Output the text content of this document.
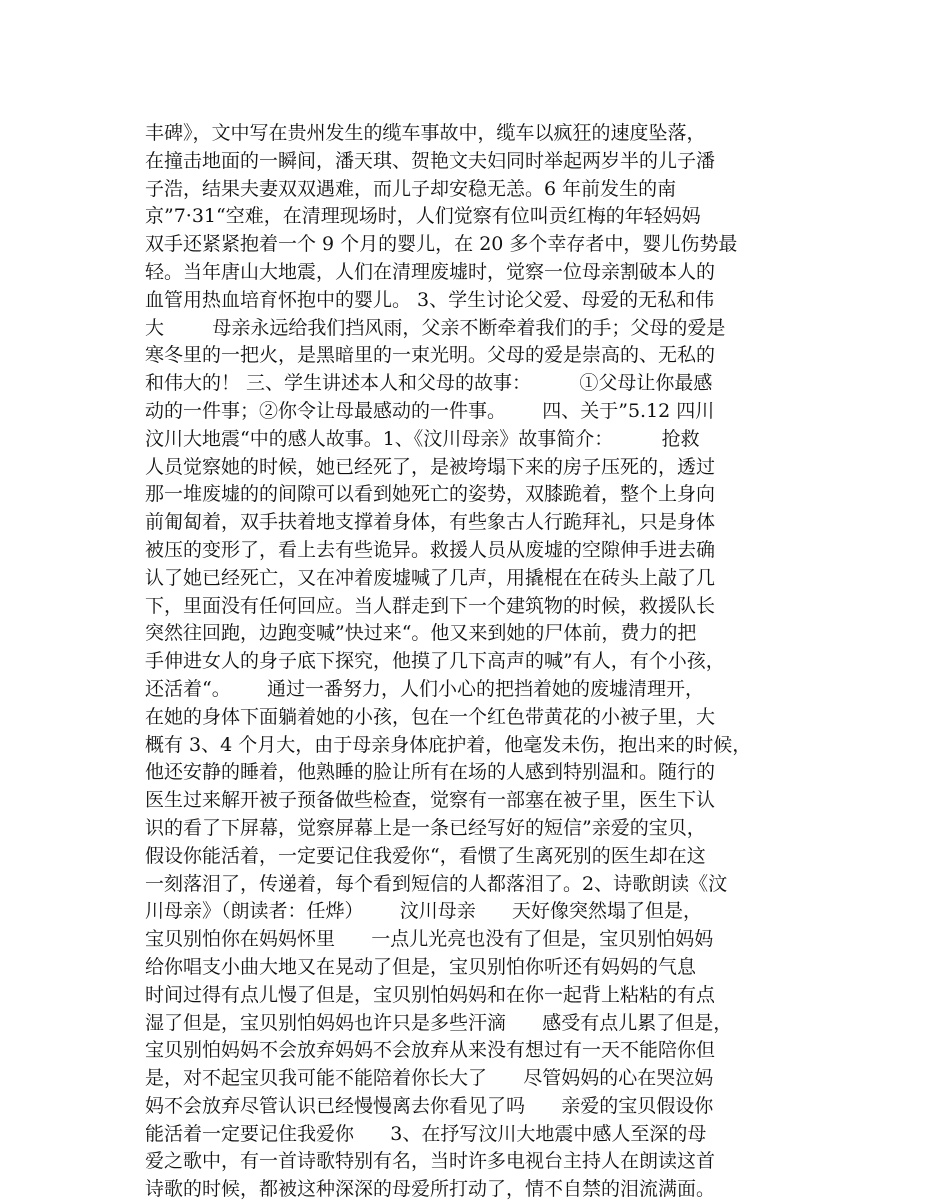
丰碑》，文中写在贵州发生的缆车事故中，缆车以疯狂的速度坠落，
在撞击地面的一瞬间，潘天琪、贺艳文夫妇同时举起两岁半的儿子潘
子浩，结果夫妻双双遇难，而儿子却安稳无恙。6 年前发生的南
京”7·31“空难，在清理现场时，人们觉察有位叫贡红梅的年轻妈妈
双手还紧紧抱着一个 9 个月的婴儿，在 20 多个幸存者中，婴儿伤势最
轻。当年唐山大地震，人们在清理废墟时，觉察一位母亲割破本人的
血管用热血培育怀抱中的婴儿。 3、学生讨论父爱、母爱的无私和伟
大        母亲永远给我们挡风雨，父亲不断牵着我们的手；父母的爱是
寒冬里的一把火，是黑暗里的一束光明。父母的爱是崇高的、无私的
和伟大的！ 三、学生讲述本人和父母的故事：        ①父母让你最感
动的一件事；②你令让母最感动的一件事。      四、关于”5.12 四川
汶川大地震“中的感人故事。1、《汶川母亲》故事简介：        抢救
人员觉察她的时候，她已经死了，是被垮塌下来的房子压死的，透过
那一堆废墟的的间隙可以看到她死亡的姿势，双膝跪着，整个上身向
前匍匐着，双手扶着地支撑着身体，有些象古人行跪拜礼，只是身体
被压的变形了，看上去有些诡异。救援人员从废墟的空隙伸手进去确
认了她已经死亡，又在冲着废墟喊了几声，用撬棍在在砖头上敲了几
下，里面没有任何回应。当人群走到下一个建筑物的时候，救援队长
突然往回跑，边跑变喊”快过来“。他又来到她的尸体前，费力的把
手伸进女人的身子底下探究，他摸了几下高声的喊”有人，有个小孩，
还活着“。      通过一番努力，人们小心的把挡着她的废墟清理开，
在她的身体下面躺着她的小孩，包在一个红色带黄花的小被子里，大
概有 3、4 个月大，由于母亲身体庇护着，他毫发未伤，抱出来的时候，
他还安静的睡着，他熟睡的脸让所有在场的人感到特别温和。随行的
医生过来解开被子预备做些检查，觉察有一部塞在被子里，医生下认
识的看了下屏幕，觉察屏幕上是一条已经写好的短信”亲爱的宝贝，
假设你能活着，一定要记住我爱你“，看惯了生离死别的医生却在这
一刻落泪了，传递着，每个看到短信的人都落泪了。2、诗歌朗读《汶
川母亲》（朗读者：任烨）      汶川母亲      天好像突然塌了但是，
宝贝别怕你在妈妈怀里      一点儿光亮也没有了但是，宝贝别怕妈妈
给你唱支小曲大地又在晃动了但是，宝贝别怕你听还有妈妈的气息
时间过得有点儿慢了但是，宝贝别怕妈妈和在你一起背上粘粘的有点
湿了但是，宝贝别怕妈妈也许只是多些汗滴      感受有点儿累了但是，
宝贝别怕妈妈不会放弃妈妈不会放弃从来没有想过有一天不能陪你但
是，对不起宝贝我可能不能陪着你长大了      尽管妈妈的心在哭泣妈
妈不会放弃尽管认识已经慢慢离去你看见了吗      亲爱的宝贝假设你
能活着一定要记住我爱你      3、在抒写汶川大地震中感人至深的母
爱之歌中，有一首诗歌特别有名，当时许多电视台主持人在朗读这首
诗歌的时候，都被这种深深的母爱所打动了，情不自禁的泪流满面。
